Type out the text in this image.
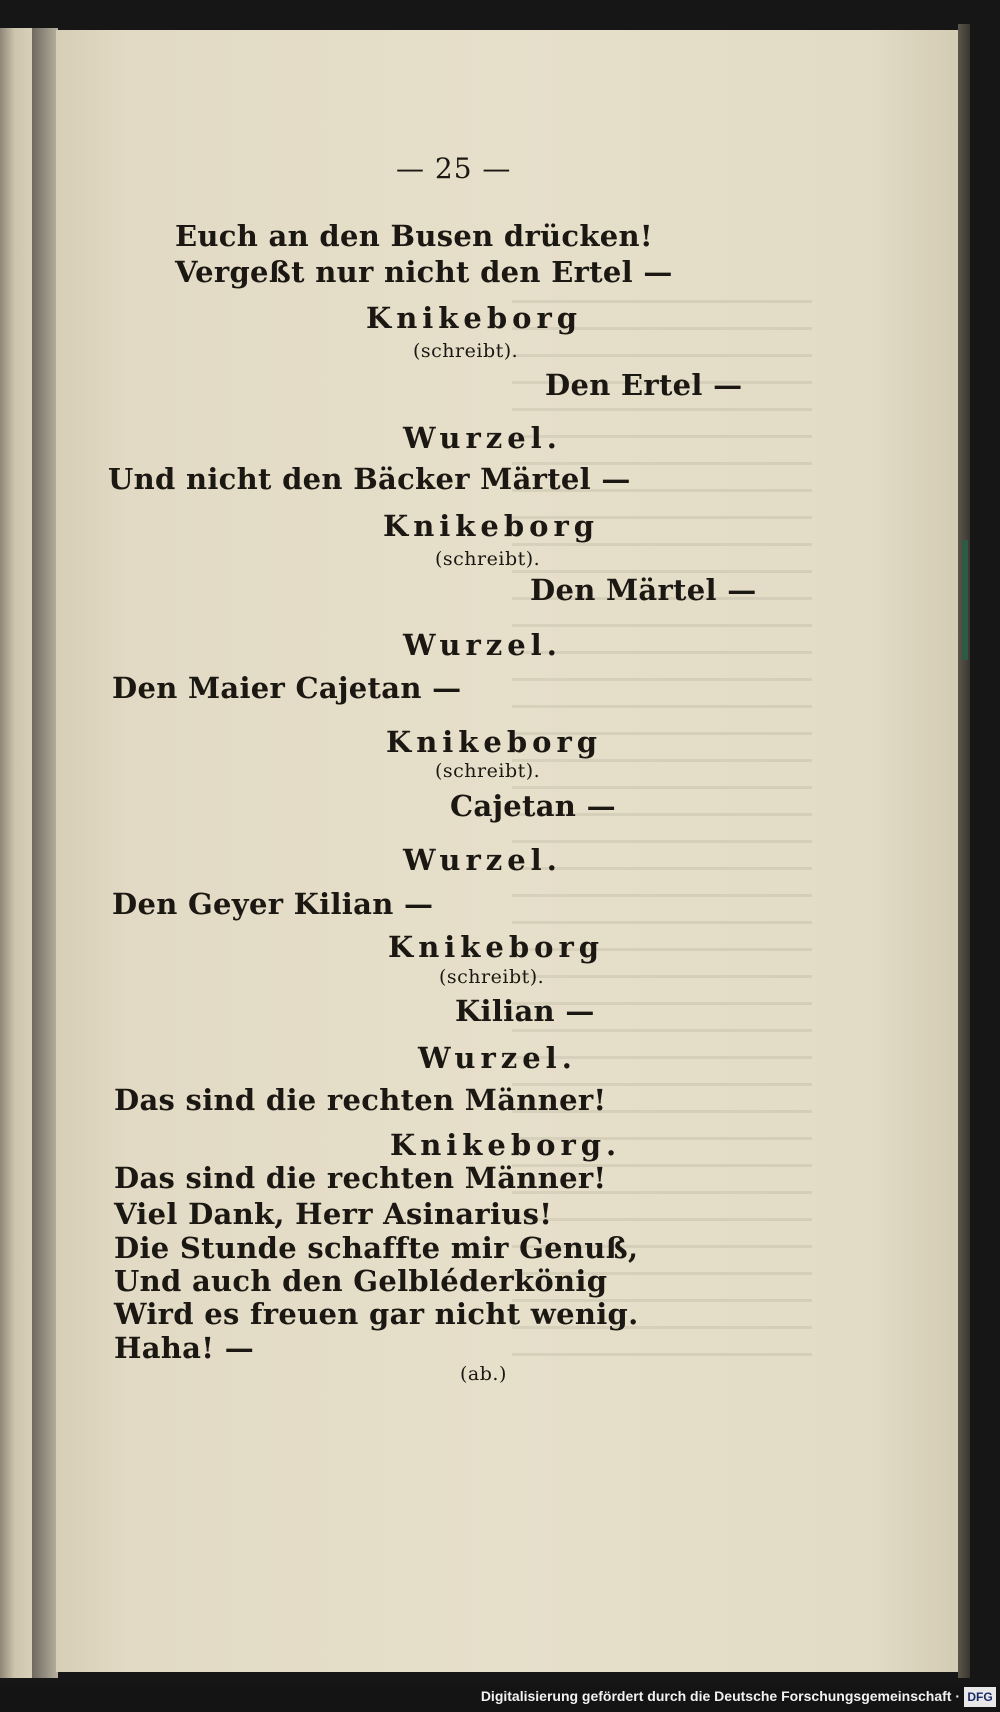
— 25 —
Euch an den Busen drücken!
Vergeßt nur nicht den Ertel —
Knikeborg
(schreibt).
Den Ertel —
Wurzel.
Und nicht den Bäcker Märtel —
Knikeborg
(schreibt).
Den Märtel —
Wurzel.
Den Maier Cajetan —
Knikeborg
(schreibt).
Cajetan —
Wurzel.
Den Geyer Kilian —
Knikeborg
(schreibt).
Kilian —
Wurzel.
Das sind die rechten Männer!
Knikeborg.
Das sind die rechten Männer!
Viel Dank, Herr Asinarius!
Die Stunde schaffte mir Genuß,
Und auch den Gelbléderkönig
Wird es freuen gar nicht wenig.
Haha! —
(ab.)
Digitalisierung gefördert durch die Deutsche Forschungsgemeinschaft · DFG
